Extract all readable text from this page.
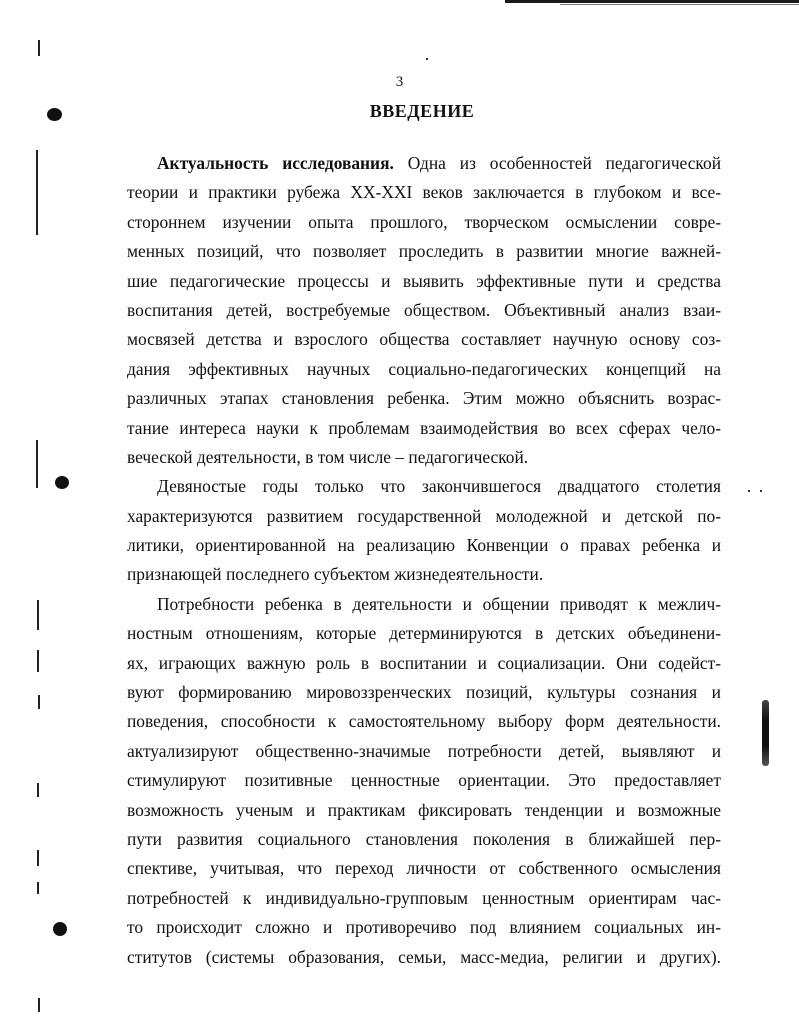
3
ВВЕДЕНИЕ
Актуальность исследования. Одна из особенностей педагогической
теории и практики рубежа XX-XXI веков заключается в глубоком и все-
стороннем изучении опыта прошлого, творческом осмыслении совре-
менных позиций, что позволяет проследить в развитии многие важней-
шие педагогические процессы и выявить эффективные пути и средства
воспитания детей, востребуемые обществом. Объективный анализ взаи-
мосвязей детства и взрослого общества составляет научную основу соз-
дания эффективных научных социально-педагогических концепций на
различных этапах становления ребенка. Этим можно объяснить возрас-
тание интереса науки к проблемам взаимодействия во всех сферах чело-
веческой деятельности, в том числе – педагогической.
Девяностые годы только что закончившегося двадцатого столетия
характеризуются развитием государственной молодежной и детской по-
литики, ориентированной на реализацию Конвенции о правах ребенка и
признающей последнего субъектом жизнедеятельности.
Потребности ребенка в деятельности и общении приводят к межлич-
ностным отношениям, которые детерминируются в детских объединени-
ях, играющих важную роль в воспитании и социализации. Они содейст-
вуют формированию мировоззренческих позиций, культуры сознания и
поведения, способности к самостоятельному выбору форм деятельности.
актуализируют общественно-значимые потребности детей, выявляют и
стимулируют позитивные ценностные ориентации. Это предоставляет
возможность ученым и практикам фиксировать тенденции и возможные
пути развития социального становления поколения в ближайшей пер-
спективе, учитывая, что переход личности от собственного осмысления
потребностей к индивидуально-групповым ценностным ориентирам час-
то происходит сложно и противоречиво под влиянием социальных ин-
ститутов (системы образования, семьи, масс-медиа, религии и других).
